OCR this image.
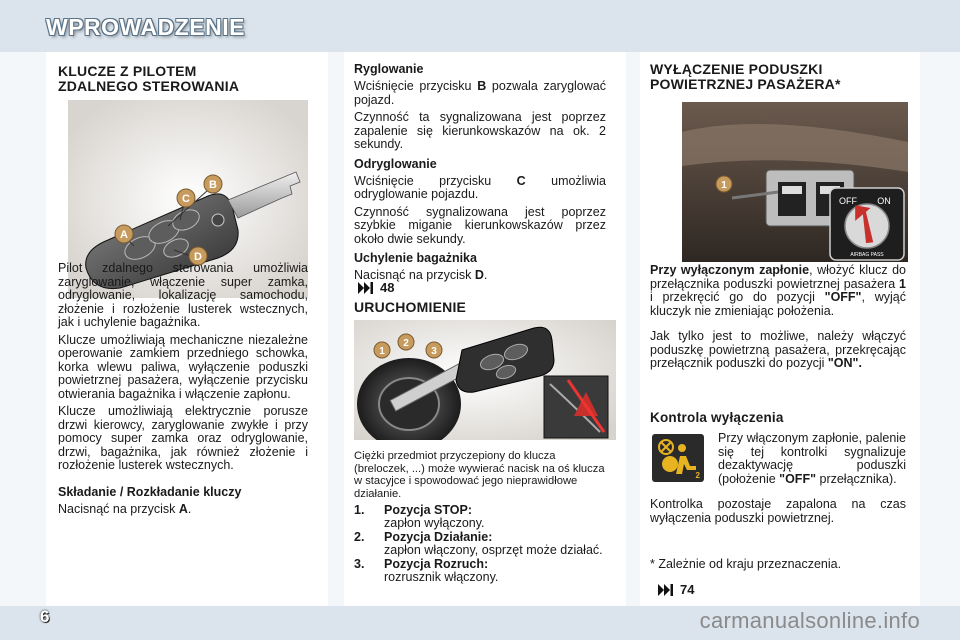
WPROWADZENIE

KLUCZE Z PILOTEM

ZDALNEGO STEROWANIA

B
C
A
D

Pilot zdalnego sterowania umożliwia zaryglowanie, włączenie super zamka, odryglowanie, lokalizację samochodu, złożenie i rozłożenie lusterek wstecznych, jak i uchylenie bagażnika.

Klucze umożliwiają mechaniczne niezależne operowanie zamkiem przedniego schowka, korka wlewu paliwa, wyłączenie poduszki powietrznej pasażera, wyłączenie przycisku otwierania bagażnika i włączenie zapłonu.

Klucze umożliwiają elektrycznie porusze drzwi kierowcy, zaryglowanie zwykłe i przy pomocy super zamka oraz odryglowanie, drzwi, bagażnika, jak również złożenie i rozłożenie lusterek wstecznych.

Składanie / Rozkładanie kluczy

Nacisnąć na przycisk A.

Ryglowanie

Wciśnięcie przycisku B pozwala zaryglować pojazd.

Czynność ta sygnalizowana jest poprzez zapalenie się kierunkowskazów na ok. 2 sekundy.

Odryglowanie

Wciśnięcie przycisku C umożliwia odryglowanie pojazdu.

Czynność sygnalizowana jest poprzez szybkie miganie kierunkowskazów przez około dwie sekundy.

Uchylenie bagażnika

Nacisnąć na przycisk D.

48

URUCHOMIENIE

1
2
3

Ciężki przedmiot przyczepiony do klucza (breloczek, ...) może wywierać nacisk na oś klucza w stacyjce i spowodować jego nieprawidłowe działanie.

1.	Pozycja STOP:
zapłon wyłączony.
2.	Pozycja Działanie:
zapłon włączony, osprzęt może działać.
3.	Pozycja Rozruch:
rozrusznik włączony.

WYŁĄCZENIE PODUSZKI

POWIETRZNEJ PASAŻERA*

1
OFF ON
AIRBAG PASS

Przy wyłączonym zapłonie, włożyć klucz do przełącznika poduszki powietrznej pasażera 1 i przekręcić go do pozycji "OFF", wyjąć kluczyk nie zmieniając położenia.

Jak tylko jest to możliwe, należy włączyć poduszkę powietrzną pasażera, przekręcając przełącznik poduszki do pozycji "ON".

Kontrola wyłączenia

2

Przy włączonym zapłonie, palenie się tej kontrolki sygnalizuje dezaktywację poduszki (położenie "OFF" przełącznika).

Kontrolka pozostaje zapalona na czas wyłączenia poduszki powietrznej.

* Zależnie od kraju przeznaczenia.

74
6	carmanualsonline.info
